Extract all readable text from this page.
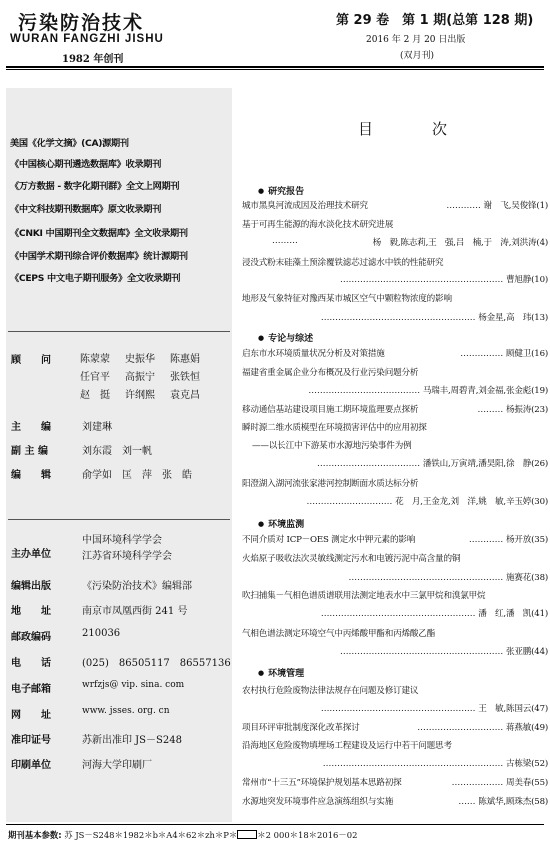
污染防治技术
WURAN FANGZHI JISHU
1982 年创刊
第 29 卷　第 1 期(总第 128 期)
2016 年 2 月 20 日出版
(双月刊)
美国《化学文摘》(CA)源期刊
《中国核心期刊遴选数据库》收录期刊
《万方数据 - 数字化期刊群》全文上网期刊
《中文科技期刊数据库》原文收录期刊
《CNKI 中国期刊全文数据库》全文收录期刊
《中国学术期刊综合评价数据库》统计源期刊
《CEPS 中文电子期刊服务》全文收录期刊
顾　　问	陈蒙蒙	史振华	陈惠娟
任官平	高振宁	张铁恒
赵　挺	许纲熙	袁克昌
主　　编	刘建琳
副 主 编	刘东霞　刘一帆
编　　辑	俞学如　匡　萍　张　皓
主办单位
中国环境科学学会
江苏省环境科学学会
编辑出版	《污染防治技术》编辑部
地　　址	南京市凤凰西街 241 号
邮政编码	210036
电　　话	(025)　86505117　86557136
电子邮箱	wrfzjs@ vip. sina. com
网　　址	www. jsses. org. cn
准印证号	苏新出准印 JS－S248
印刷单位	河海大学印刷厂
目　次
● 研究报告
城市黑臭河流成因及治理技术研究	………… 谢　飞,吴俊锋(1)
基于可再生能源的海水淡化技术研究进展
………	杨　毅,陈志莉,王　强,吕　楠,于　涛,刘洪涛(4)
浸没式粉末硅藻土预涂覆铁滤芯过滤水中铁的性能研究
………………………………………………… 曹旭静(10)
地形及气象特征对豫西某市城区空气中颗粒物浓度的影响
……………………………………………… 杨金星,高　玮(13)
● 专论与综述
启东市水环境质量状况分析及对策措施	…………… 顾健卫(16)
福建省重金属企业分布概况及行业污染问题分析
………………………………… 马瑞丰,周碧青,刘金福,张金彪(19)
移动通信基站建设项目施工期环境监理要点探析	……… 杨振涛(23)
瞬时源二维水质模型在环境损害评估中的应用初探
——以长江中下游某市水源地污染事件为例
……………………………… 潘铁山,万寅靖,潘昊阳,徐　静(26)
阳澄湖入湖河流张家港河控制断面水质达标分析
………………………… 花　月,王金龙,刘　洋,姚　敏,辛玉婷(30)
● 环境监测
不同介质对 ICP－OES 测定水中钾元素的影响	………… 杨开放(35)
火焰原子吸收法次灵敏线测定污水和电镀污泥中高含量的铜
……………………………………………… 施赛花(38)
吹扫捕集－气相色谱质谱联用法测定地表水中三氯甲烷和溴氯甲烷
……………………………………………… 潘　红,潘　凯(41)
气相色谱法测定环境空气中丙烯酸甲酯和丙烯酸乙酯
………………………………………………… 张亚鹏(44)
● 环境管理
农村执行危险废物法律法规存在问题及修订建议
……………………………………………… 王　敏,陈国云(47)
项目环评审批制度深化改革探讨	………………………… 蒋燕敏(49)
沿海地区危险废物填埋场工程建设及运行中若干问题思考
……………………………………………………… 古栋梁(52)
常州市“十三五”环境保护规划基本思路初探	……………… 周美春(55)
水源地突发环境事件应急演练组织与实施	…… 陈斌华,顾珠杰(58)
期刊基本参数: 苏 JS－S248＊1982＊b＊A4＊62＊zh＊P＊ ＊2 000＊18＊2016－02
